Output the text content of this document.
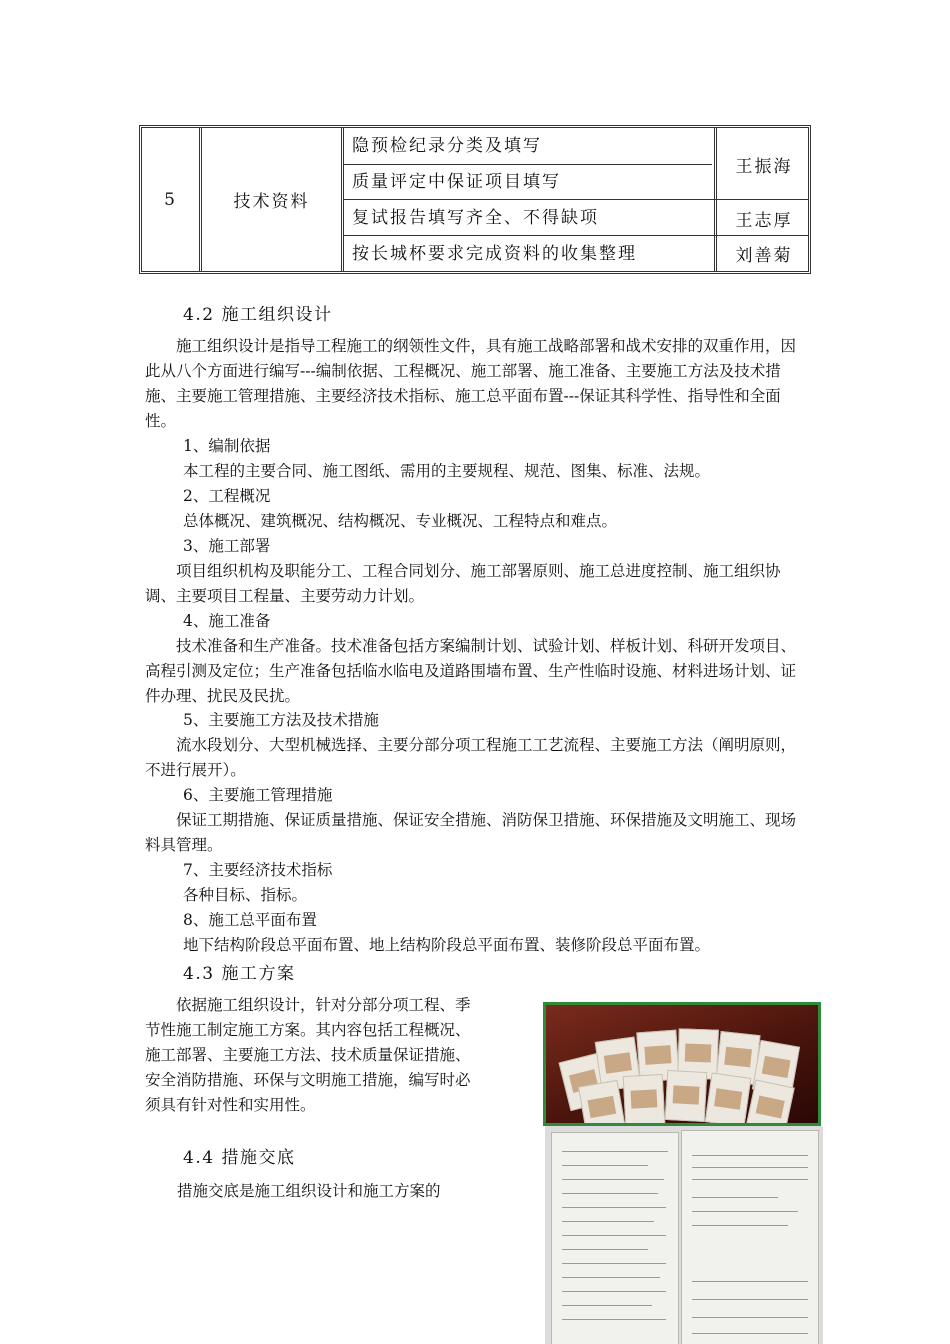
5	技术资料
隐预检纪录分类及填写
质量评定中保证项目填写
复试报告填写齐全、不得缺项
按长城杯要求完成资料的收集整理
王振海
王志厚
刘善菊
4.2 施工组织设计
施工组织设计是指导工程施工的纲领性文件，具有施工战略部署和战术安排的双重作用，因此从八个方面进行编写---编制依据、工程概况、施工部署、施工准备、主要施工方法及技术措施、主要施工管理措施、主要经济技术指标、施工总平面布置---保证其科学性、指导性和全面性。
1、编制依据
本工程的主要合同、施工图纸、需用的主要规程、规范、图集、标准、法规。
2、工程概况
总体概况、建筑概况、结构概况、专业概况、工程特点和难点。
3、施工部署
项目组织机构及职能分工、工程合同划分、施工部署原则、施工总进度控制、施工组织协调、主要项目工程量、主要劳动力计划。
4、施工准备
技术准备和生产准备。技术准备包括方案编制计划、试验计划、样板计划、科研开发项目、高程引测及定位；生产准备包括临水临电及道路围墙布置、生产性临时设施、材料进场计划、证件办理、扰民及民扰。
5、主要施工方法及技术措施
流水段划分、大型机械选择、主要分部分项工程施工工艺流程、主要施工方法（阐明原则，不进行展开）。
6、主要施工管理措施
保证工期措施、保证质量措施、保证安全措施、消防保卫措施、环保措施及文明施工、现场料具管理。
7、主要经济技术指标
各种目标、指标。
8、施工总平面布置
地下结构阶段总平面布置、地上结构阶段总平面布置、装修阶段总平面布置。
4.3 施工方案
依据施工组织设计，针对分部分项工程、季节性施工制定施工方案。其内容包括工程概况、施工部署、主要施工方法、技术质量保证措施、安全消防措施、环保与文明施工措施，编写时必须具有针对性和实用性。
4.4 措施交底
措施交底是施工组织设计和施工方案的
